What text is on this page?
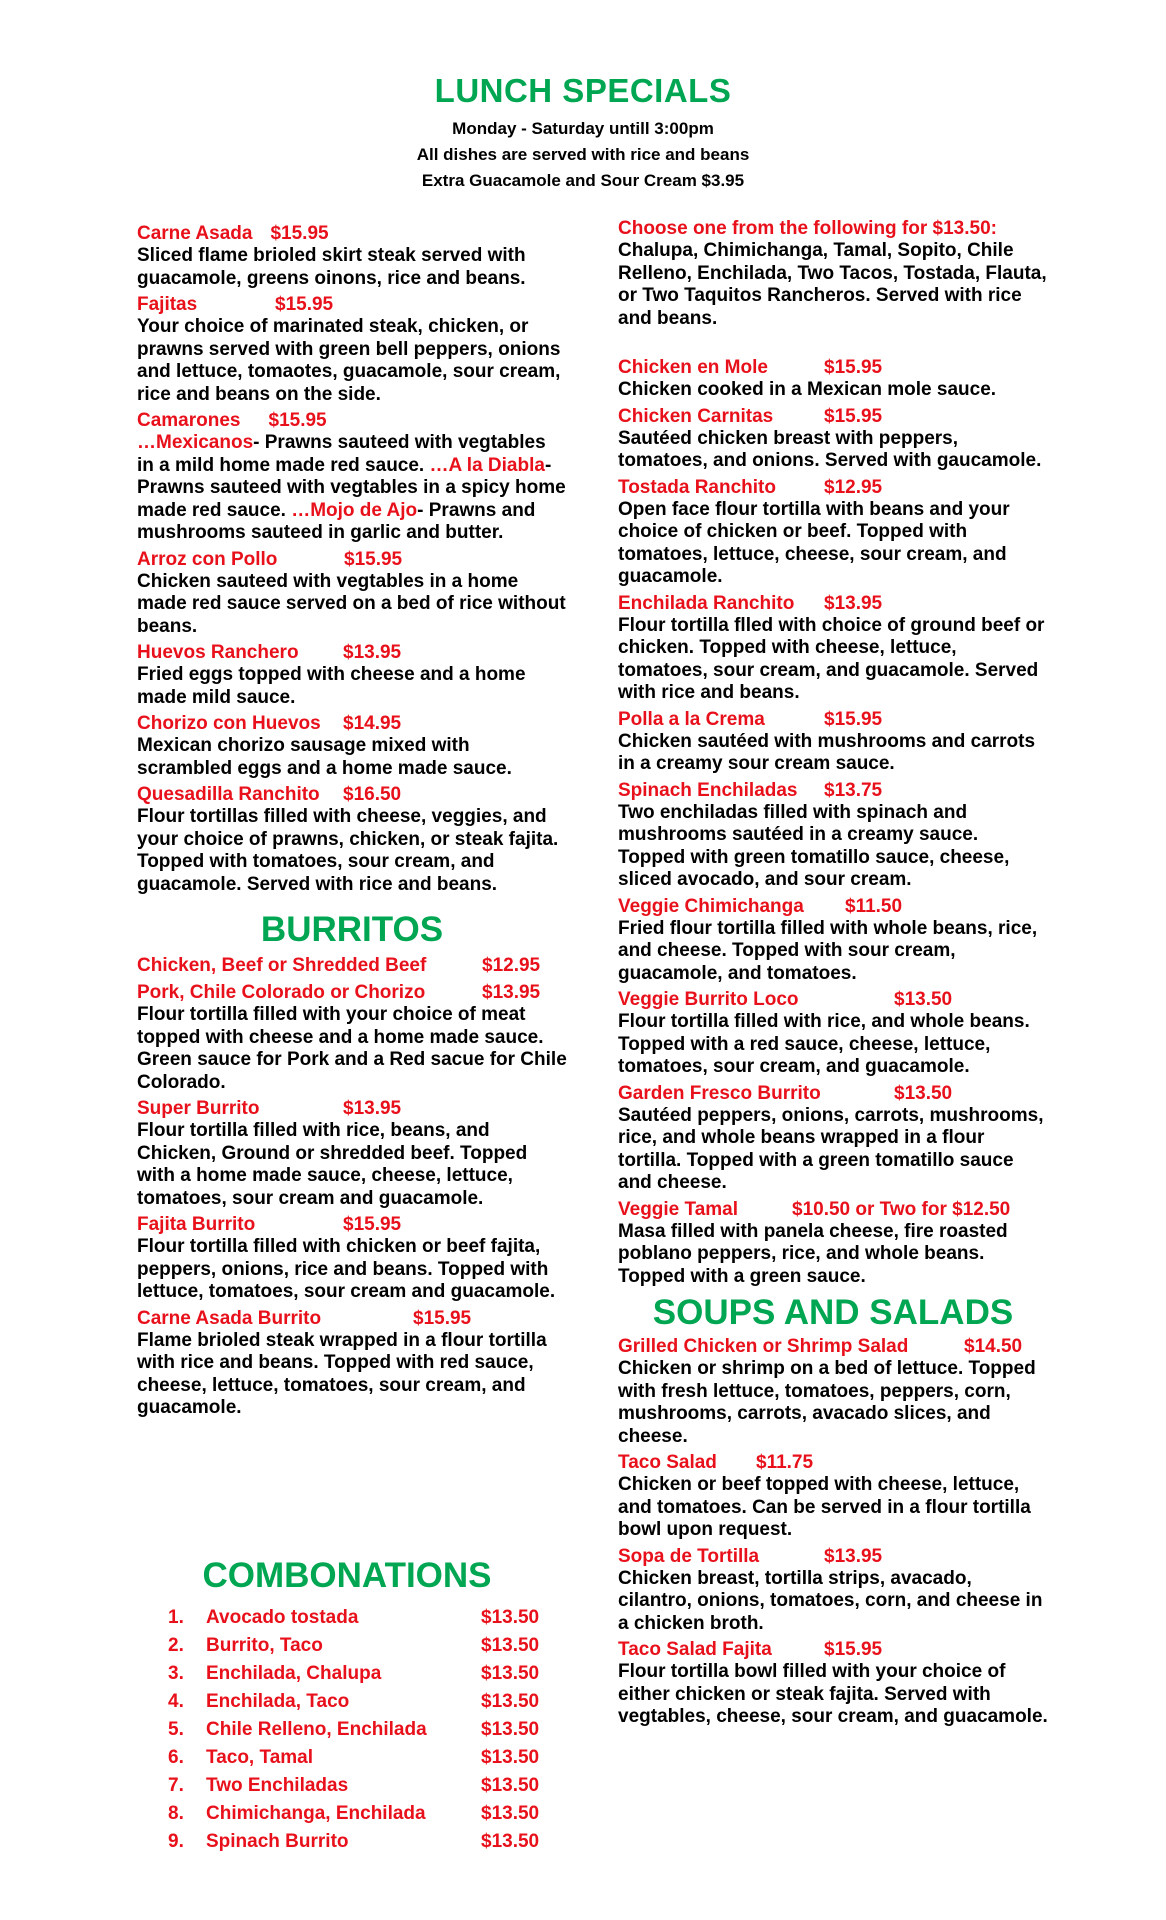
LUNCH SPECIALS
Monday - Saturday untill 3:00pm
All dishes are served with rice and beans
Extra Guacamole and Sour Cream $3.95
Carne Asada $15.95
Sliced flame brioled skirt steak served with guacamole, greens oinons, rice and beans.
Fajitas	$15.95
Your choice of marinated steak, chicken, or prawns served with green bell peppers, onions and lettuce, tomaotes, guacamole, sour cream, rice and beans on the side.
Camarones $15.95
…Mexicanos- Prawns sauteed with vegtables in a mild home made red sauce. …A la Diabla- Prawns sauteed with vegtables in a spicy home made red sauce. …Mojo de Ajo- Prawns and mushrooms sauteed in garlic and butter.
Arroz con Pollo	$15.95
Chicken sauteed with vegtables in a home made red sauce served on a bed of rice without beans.
Huevos Ranchero $13.95
Fried eggs topped with cheese and a home made mild sauce.
Chorizo con Huevos $14.95
Mexican chorizo sausage mixed with scrambled eggs and a home made sauce.
Quesadilla Ranchito $16.50
Flour tortillas filled with cheese, veggies, and your choice of prawns, chicken, or steak fajita. Topped with tomatoes, sour cream, and guacamole. Served with rice and beans.
BURRITOS
Chicken, Beef or Shredded Beef	$12.95
Pork, Chile Colorado or Chorizo	$13.95
Flour tortilla filled with your choice of meat topped with cheese and a home made sauce. Green sauce for Pork and a Red sacue for Chile Colorado.
Super Burrito	$13.95
Flour tortilla filled with rice, beans, and Chicken, Ground or shredded beef. Topped with a home made sauce, cheese, lettuce, tomatoes, sour cream and guacamole.
Fajita Burrito	$15.95
Flour tortilla filled with chicken or beef fajita, peppers, onions, rice and beans. Topped with lettuce, tomatoes, sour cream and guacamole.
Carne Asada Burrito	$15.95
Flame brioled steak wrapped in a flour tortilla with rice and beans. Topped with red sauce, cheese, lettuce, tomatoes, sour cream, and guacamole.
COMBONATIONS
1. Avocado tostada	$13.50
2. Burrito, Taco	$13.50
3. Enchilada, Chalupa	$13.50
4. Enchilada, Taco	$13.50
5. Chile Relleno, Enchilada	$13.50
6. Taco, Tamal	$13.50
7. Two Enchiladas	$13.50
8. Chimichanga, Enchilada	$13.50
9. Spinach Burrito	$13.50
Choose one from the following for $13.50:
Chalupa, Chimichanga, Tamal, Sopito, Chile Relleno, Enchilada, Two Tacos, Tostada, Flauta, or Two Taquitos Rancheros. Served with rice and beans.
Chicken en Mole	$15.95
Chicken cooked in a Mexican mole sauce.
Chicken Carnitas	$15.95
Sautéed chicken breast with peppers, tomatoes, and onions. Served with gaucamole.
Tostada Ranchito	$12.95
Open face flour tortilla with beans and your choice of chicken or beef. Topped with tomatoes, lettuce, cheese, sour cream, and guacamole.
Enchilada Ranchito $13.95
Flour tortilla flled with choice of ground beef or chicken. Topped with cheese, lettuce, tomatoes, sour cream, and guacamole. Served with rice and beans.
Polla a la Crema	$15.95
Chicken sautéed with mushrooms and carrots in a creamy sour cream sauce.
Spinach Enchiladas $13.75
Two enchiladas filled with spinach and mushrooms sautéed in a creamy sauce. Topped with green tomatillo sauce, cheese, sliced avocado, and sour cream.
Veggie Chimichanga $11.50
Fried flour tortilla filled with whole beans, rice, and cheese. Topped with sour cream, guacamole, and tomatoes.
Veggie Burrito Loco	$13.50
Flour tortilla filled with rice, and whole beans. Topped with a red sauce, cheese, lettuce, tomatoes, sour cream, and guacamole.
Garden Fresco Burrito	$13.50
Sautéed peppers, onions, carrots, mushrooms, rice, and whole beans wrapped in a flour tortilla. Topped with a green tomatillo sauce and cheese.
Veggie Tamal	$10.50 or Two for $12.50
Masa filled with panela cheese, fire roasted poblano peppers, rice, and whole beans. Topped with a green sauce.
SOUPS AND SALADS
Grilled Chicken or Shrimp Salad	$14.50
Chicken or shrimp on a bed of lettuce. Topped with fresh lettuce, tomatoes, peppers, corn, mushrooms, carrots, avacado slices, and cheese.
Taco Salad $11.75
Chicken or beef topped with cheese, lettuce, and tomatoes. Can be served in a flour tortilla bowl upon request.
Sopa de Tortilla	$13.95
Chicken breast, tortilla strips, avacado, cilantro, onions, tomatoes, corn, and cheese in a chicken broth.
Taco Salad Fajita	$15.95
Flour tortilla bowl filled with your choice of either chicken or steak fajita. Served with vegtables, cheese, sour cream, and guacamole.
